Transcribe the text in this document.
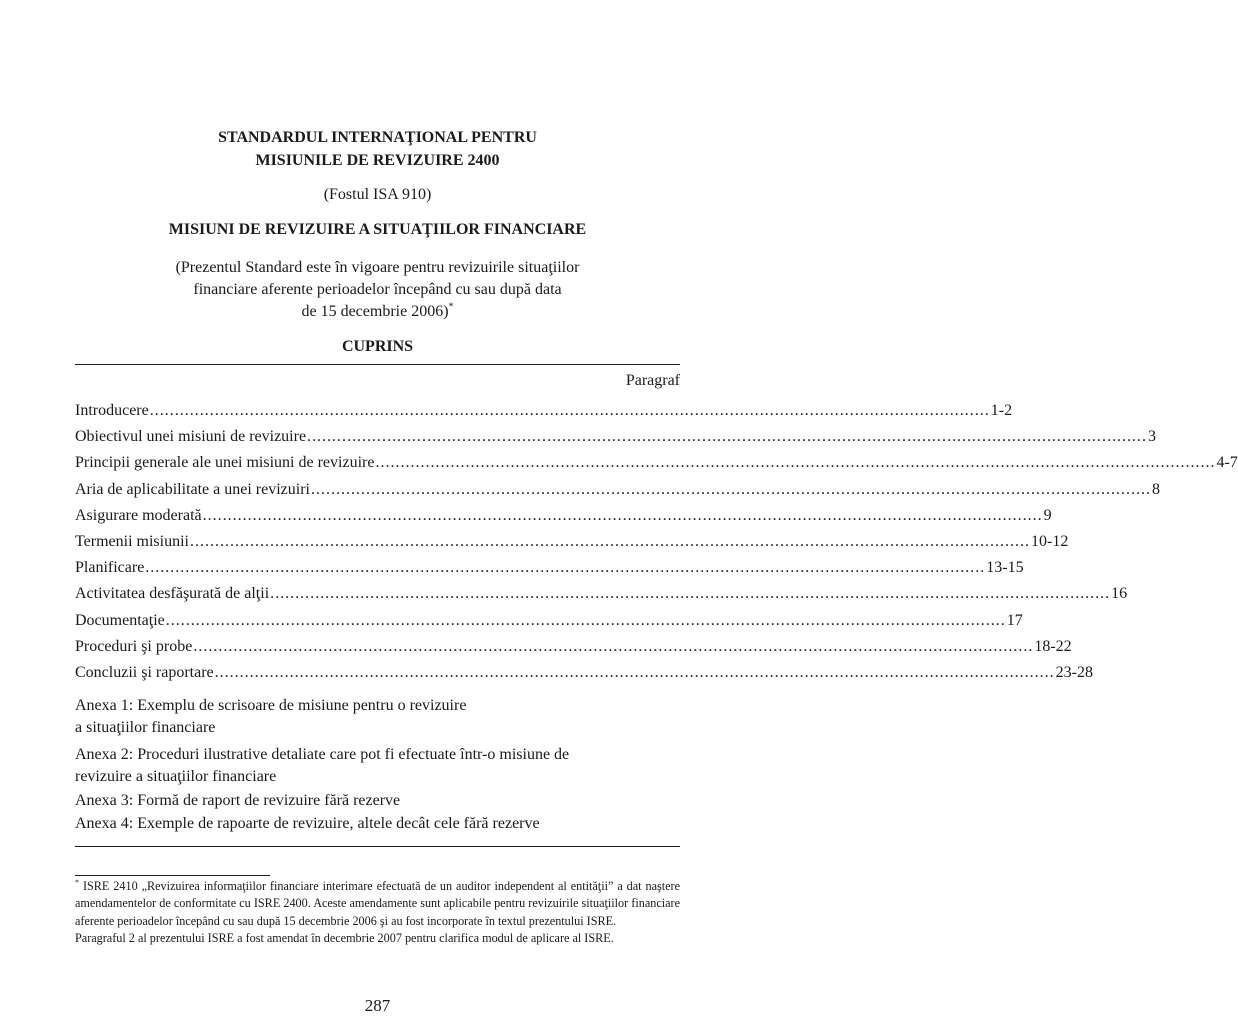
STANDARDUL INTERNAŢIONAL PENTRU
MISIUNILE DE REVIZUIRE 2400
(Fostul ISA 910)
MISIUNI DE REVIZUIRE A SITUAŢIILOR FINANCIARE
(Prezentul Standard este în vigoare pentru revizuirile situaţiilor
financiare aferente perioadelor începând cu sau după data
de 15 decembrie 2006)*
CUPRINS
Paragraf
Introducere ........................................................................................................................................................................ 1-2
Obiectivul unei misiuni de revizuire ........................................................................................................................................................................ 3
Principii generale ale unei misiuni de revizuire ........................................................................................................................................................................ 4-7
Aria de aplicabilitate a unei revizuiri ........................................................................................................................................................................ 8
Asigurare moderată ........................................................................................................................................................................ 9
Termenii misiunii ........................................................................................................................................................................ 10-12
Planificare ........................................................................................................................................................................ 13-15
Activitatea desfăşurată de alţii ........................................................................................................................................................................ 16
Documentaţie ........................................................................................................................................................................ 17
Proceduri şi probe ........................................................................................................................................................................ 18-22
Concluzii şi raportare ........................................................................................................................................................................ 23-28
Anexa 1: Exemplu de scrisoare de misiune pentru o revizuire
a situaţiilor financiare
Anexa 2: Proceduri ilustrative detaliate care pot fi efectuate într-o misiune de
revizuire a situaţiilor financiare
Anexa 3: Formă de raport de revizuire fără rezerve
Anexa 4: Exemple de rapoarte de revizuire, altele decât cele fără rezerve
* ISRE 2410 „Revizuirea informaţiilor financiare interimare efectuată de un auditor independent al entităţii” a dat naştere amendamentelor de conformitate cu ISRE 2400. Aceste amendamente sunt aplicabile pentru revizuirile situaţiilor financiare aferente perioadelor începând cu sau după 15 decembrie 2006 şi au fost incorporate în textul prezentului ISRE.
Paragraful 2 al prezentului ISRE a fost amendat în decembrie 2007 pentru clarifica modul de aplicare al ISRE.
287
